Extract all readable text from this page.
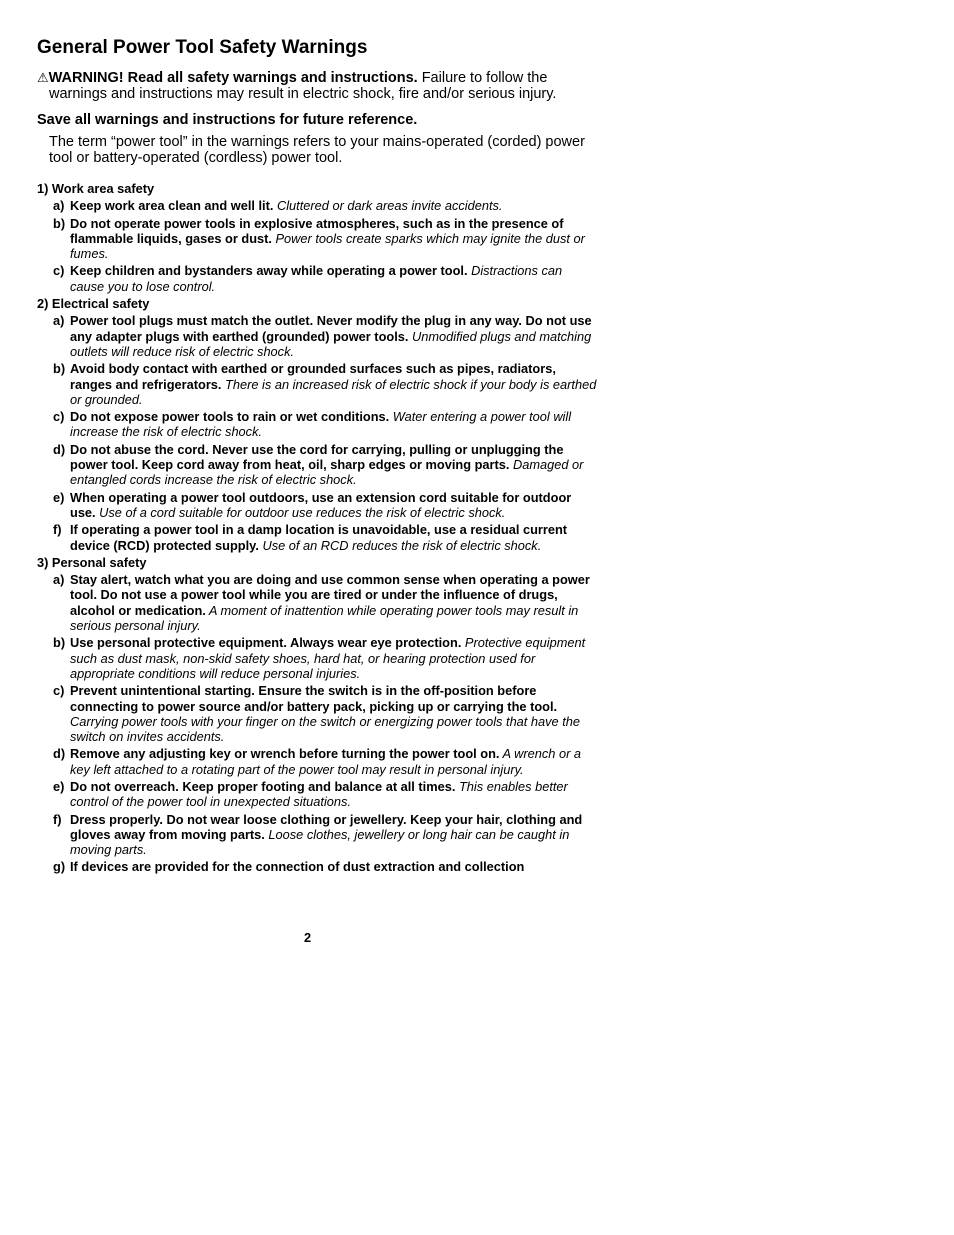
General Power Tool Safety Warnings

⚠WARNING! Read all safety warnings and instructions. Failure to follow the warnings and instructions may result in electric shock, fire and/or serious injury.

Save all warnings and instructions for future reference.

The term “power tool” in the warnings refers to your mains-operated (corded) power tool or battery-operated (cordless) power tool.

1) Work area safety
a) Keep work area clean and well lit. Cluttered or dark areas invite accidents.
b) Do not operate power tools in explosive atmospheres, such as in the presence of flammable liquids, gases or dust. Power tools create sparks which may ignite the dust or fumes.
c) Keep children and bystanders away while operating a power tool. Distractions can cause you to lose control.
2) Electrical safety
a) Power tool plugs must match the outlet. Never modify the plug in any way. Do not use any adapter plugs with earthed (grounded) power tools. Unmodified plugs and matching outlets will reduce risk of electric shock.
b) Avoid body contact with earthed or grounded surfaces such as pipes, radiators, ranges and refrigerators. There is an increased risk of electric shock if your body is earthed or grounded.
c) Do not expose power tools to rain or wet conditions. Water entering a power tool will increase the risk of electric shock.
d) Do not abuse the cord. Never use the cord for carrying, pulling or unplugging the power tool. Keep cord away from heat, oil, sharp edges or moving parts. Damaged or entangled cords increase the risk of electric shock.
e) When operating a power tool outdoors, use an extension cord suitable for outdoor use. Use of a cord suitable for outdoor use reduces the risk of electric shock.
f) If operating a power tool in a damp location is unavoidable, use a residual current device (RCD) protected supply. Use of an RCD reduces the risk of electric shock.
3) Personal safety
a) Stay alert, watch what you are doing and use common sense when operating a power tool. Do not use a power tool while you are tired or under the influence of drugs, alcohol or medication. A moment of inattention while operating power tools may result in serious personal injury.
b) Use personal protective equipment. Always wear eye protection. Protective equipment such as dust mask, non-skid safety shoes, hard hat, or hearing protection used for appropriate conditions will reduce personal injuries.
c) Prevent unintentional starting. Ensure the switch is in the off-position before connecting to power source and/or battery pack, picking up or carrying the tool. Carrying power tools with your finger on the switch or energizing power tools that have the switch on invites accidents.
d) Remove any adjusting key or wrench before turning the power tool on. A wrench or a key left attached to a rotating part of the power tool may result in personal injury.
e) Do not overreach. Keep proper footing and balance at all times. This enables better control of the power tool in unexpected situations.
f) Dress properly. Do not wear loose clothing or jewellery. Keep your hair, clothing and gloves away from moving parts. Loose clothes, jewellery or long hair can be caught in moving parts.
g) If devices are provided for the connection of dust extraction and collection
2
